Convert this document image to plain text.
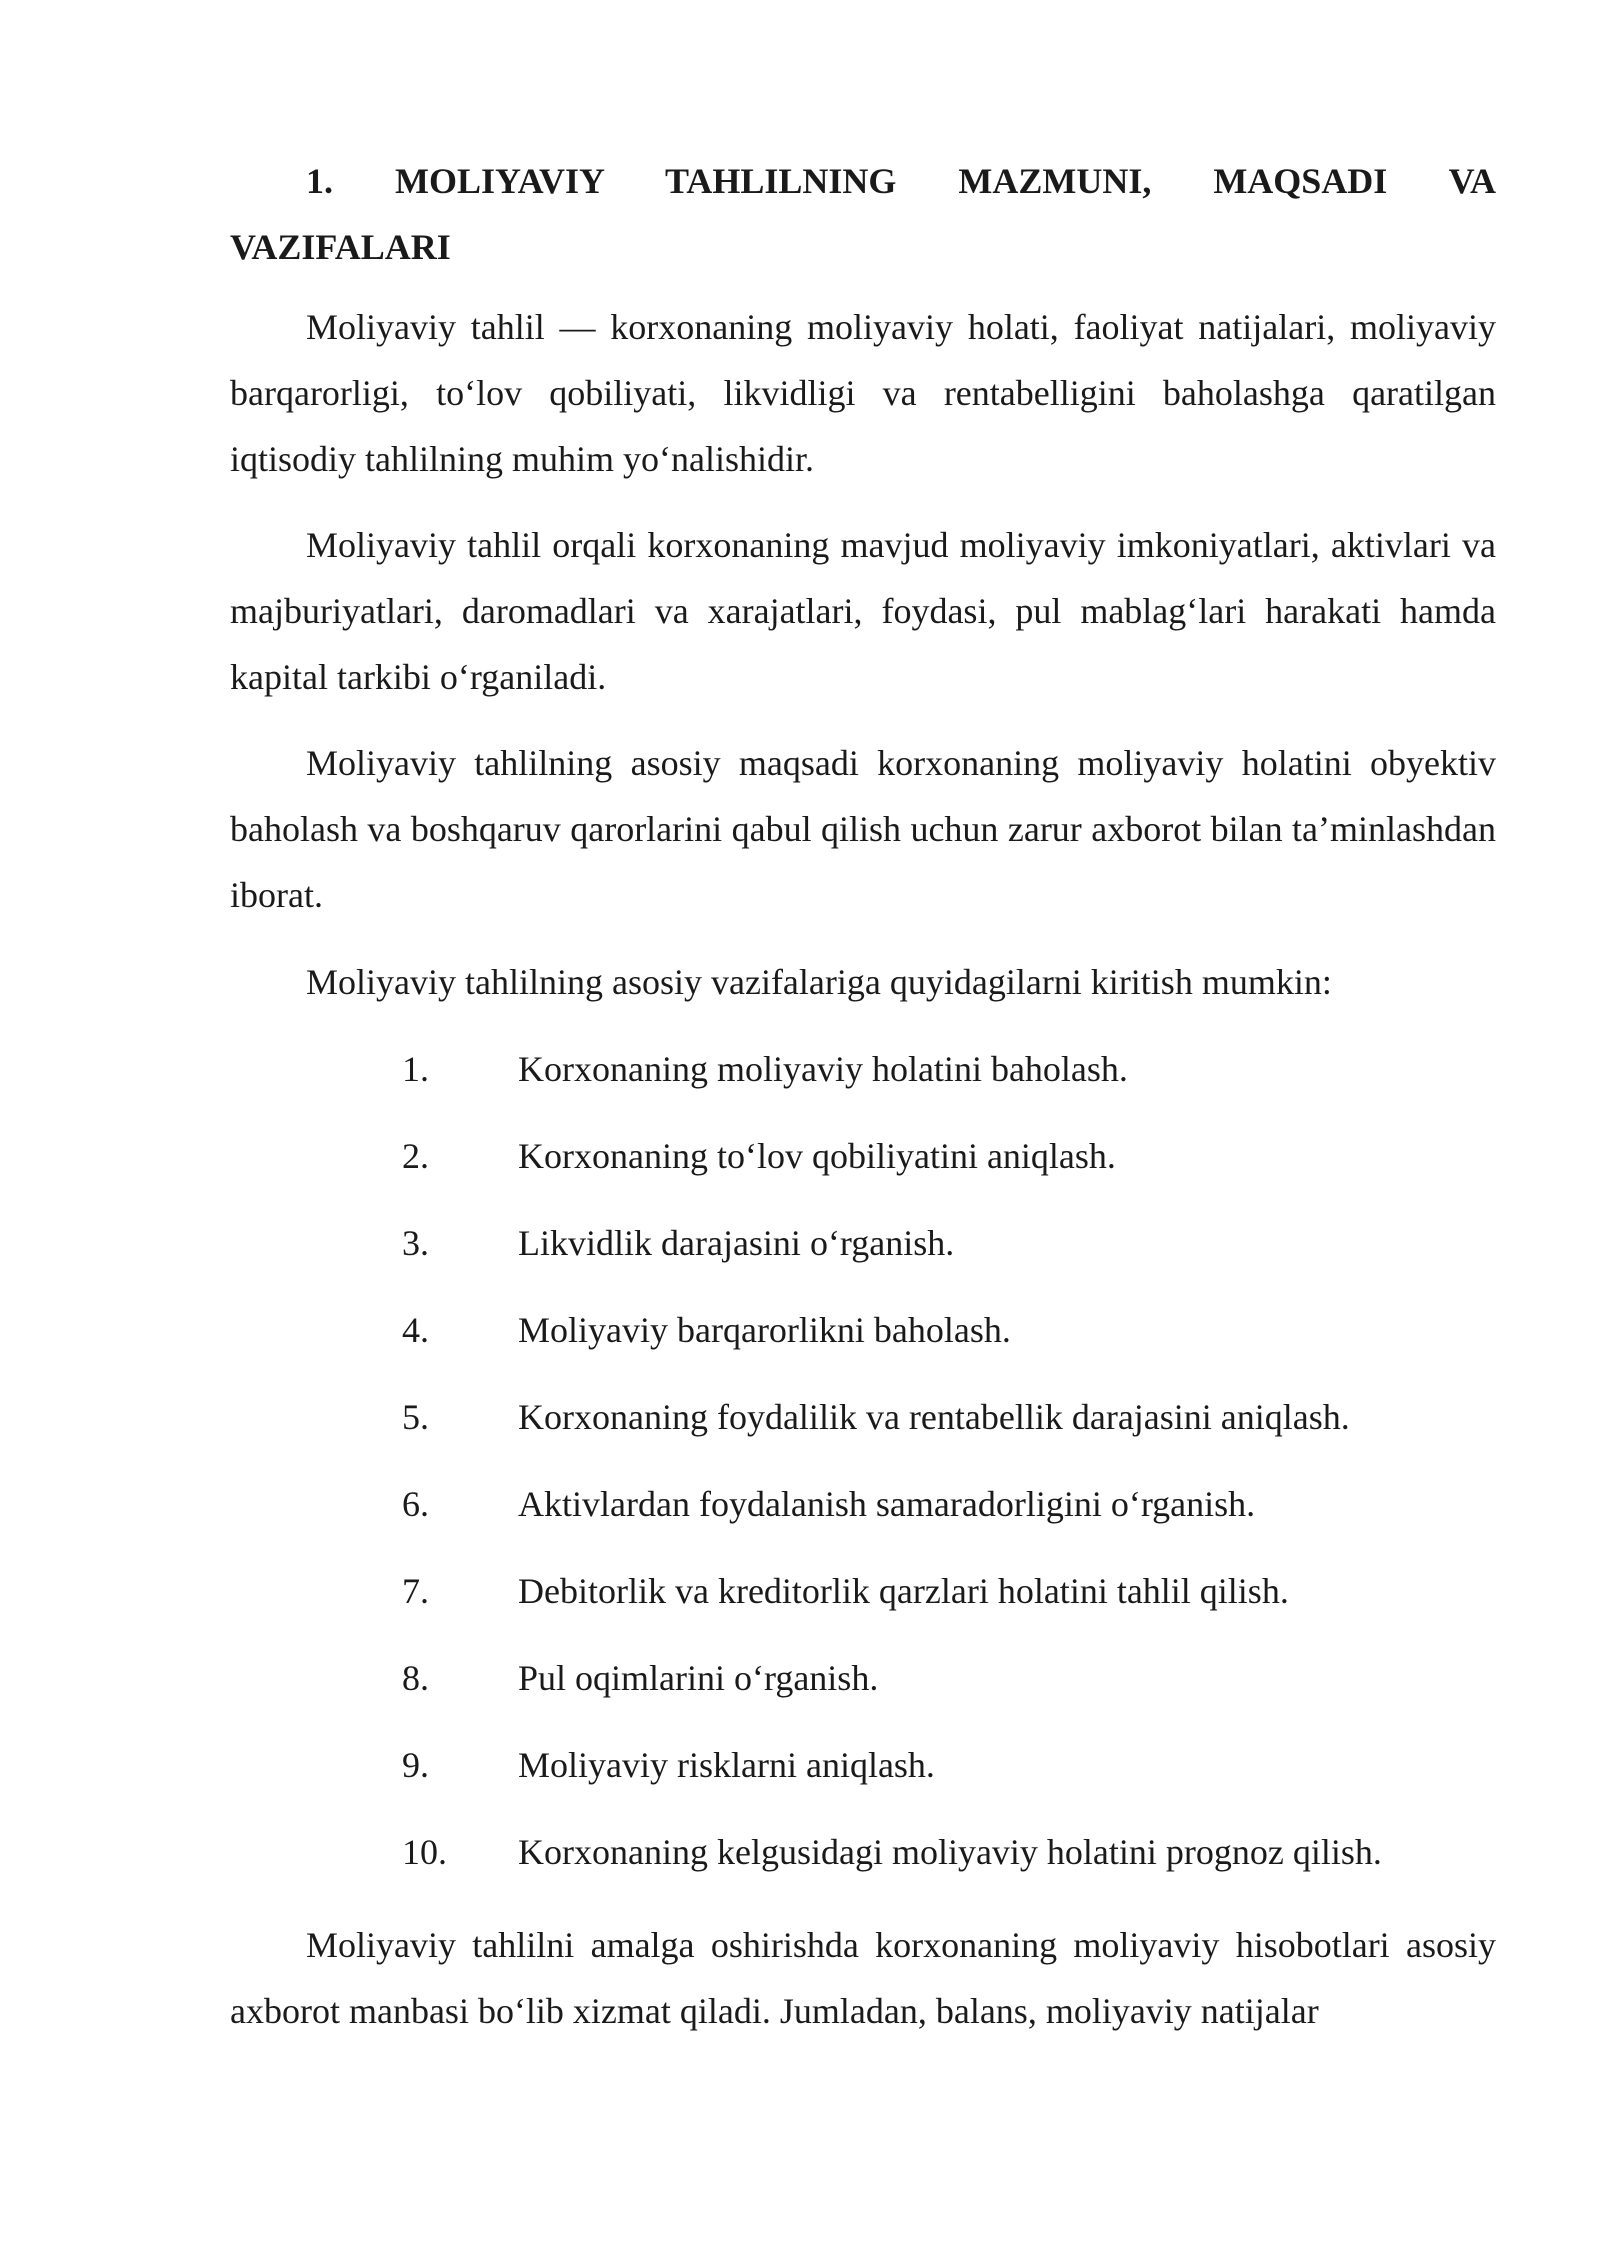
1. MOLIYAVIY TAHLILNING MAZMUNI, MAQSADI VA
VAZIFALARI

Moliyaviy tahlil — korxonaning moliyaviy holati, faoliyat natijalari, moliyaviy barqarorligi, to‘lov qobiliyati, likvidligi va rentabelligini baholashga qaratilgan iqtisodiy tahlilning muhim yo‘nalishidir.

Moliyaviy tahlil orqali korxonaning mavjud moliyaviy imkoniyatlari, aktivlari va majburiyatlari, daromadlari va xarajatlari, foydasi, pul mablag‘lari harakati hamda kapital tarkibi o‘rganiladi.

Moliyaviy tahlilning asosiy maqsadi korxonaning moliyaviy holatini obyektiv baholash va boshqaruv qarorlarini qabul qilish uchun zarur axborot bilan ta’minlashdan iborat.

Moliyaviy tahlilning asosiy vazifalariga quyidagilarni kiritish mumkin:

1. Korxonaning moliyaviy holatini baholash.
2. Korxonaning to‘lov qobiliyatini aniqlash.
3. Likvidlik darajasini o‘rganish.
4. Moliyaviy barqarorlikni baholash.
5. Korxonaning foydalilik va rentabellik darajasini aniqlash.
6. Aktivlardan foydalanish samaradorligini o‘rganish.
7. Debitorlik va kreditorlik qarzlari holatini tahlil qilish.
8. Pul oqimlarini o‘rganish.
9. Moliyaviy risklarni aniqlash.
10. Korxonaning kelgusidagi moliyaviy holatini prognoz qilish.

Moliyaviy tahlilni amalga oshirishda korxonaning moliyaviy hisobotlari asosiy axborot manbasi bo‘lib xizmat qiladi. Jumladan, balans, moliyaviy natijalar
